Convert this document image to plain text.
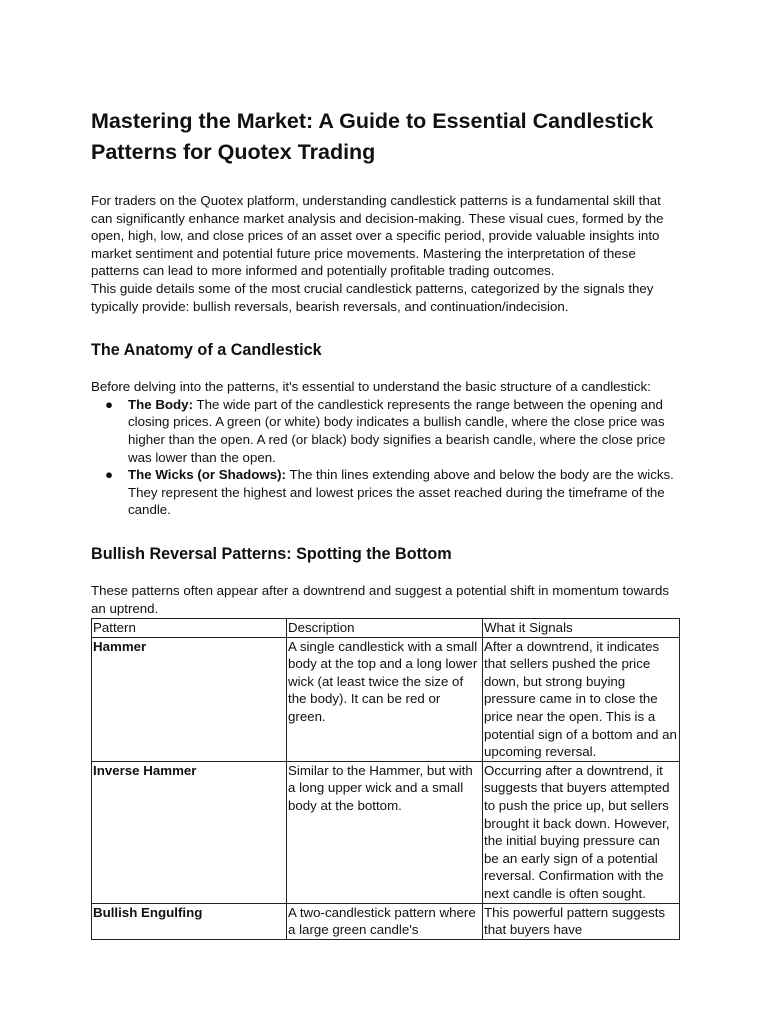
Mastering the Market: A Guide to Essential Candlestick Patterns for Quotex Trading

For traders on the Quotex platform, understanding candlestick patterns is a fundamental skill that can significantly enhance market analysis and decision-making. These visual cues, formed by the open, high, low, and close prices of an asset over a specific period, provide valuable insights into market sentiment and potential future price movements. Mastering the interpretation of these patterns can lead to more informed and potentially profitable trading outcomes.

This guide details some of the most crucial candlestick patterns, categorized by the signals they typically provide: bullish reversals, bearish reversals, and continuation/indecision.

The Anatomy of a Candlestick

Before delving into the patterns, it's essential to understand the basic structure of a candlestick:

● The Body: The wide part of the candlestick represents the range between the opening and closing prices. A green (or white) body indicates a bullish candle, where the close price was higher than the open. A red (or black) body signifies a bearish candle, where the close price was lower than the open.
● The Wicks (or Shadows): The thin lines extending above and below the body are the wicks. They represent the highest and lowest prices the asset reached during the timeframe of the candle.
Bullish Reversal Patterns: Spotting the Bottom

These patterns often appear after a downtrend and suggest a potential shift in momentum towards an uptrend.

Pattern	Description	What it Signals
Hammer	A single candlestick with a small body at the top and a long lower wick (at least twice the size of the body). It can be red or green.	After a downtrend, it indicates that sellers pushed the price down, but strong buying pressure came in to close the price near the open. This is a potential sign of a bottom and an upcoming reversal.
Inverse Hammer	Similar to the Hammer, but with a long upper wick and a small body at the bottom.	Occurring after a downtrend, it suggests that buyers attempted to push the price up, but sellers brought it back down. However, the initial buying pressure can be an early sign of a potential reversal. Confirmation with the next candle is often sought.
Bullish Engulfing	A two-candlestick pattern where a large green candle's	This powerful pattern suggests that buyers have
